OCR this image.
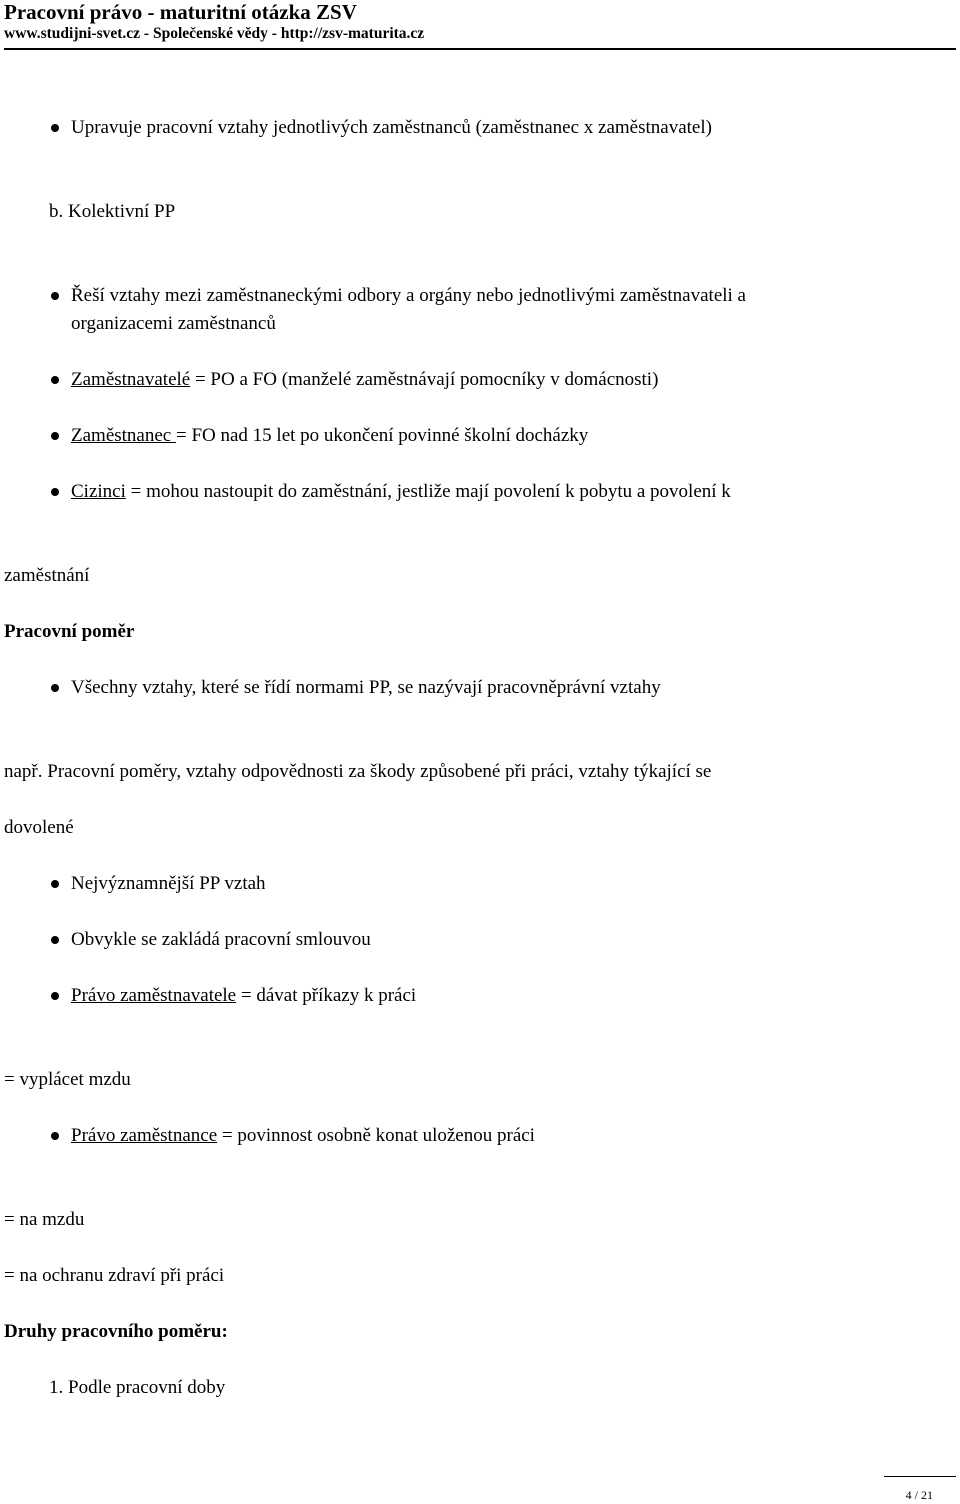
Pracovní právo - maturitní otázka ZSV
www.studijni-svet.cz - Společenské vědy - http://zsv-maturita.cz
Upravuje pracovní vztahy jednotlivých zaměstnanců (zaměstnanec x zaměstnavatel)
b. Kolektivní PP
Řeší vztahy mezi zaměstnaneckými odbory a orgány nebo jednotlivými zaměstnavateli a
organizacemi zaměstnanců
Zaměstnavatelé = PO a FO (manželé zaměstnávají pomocníky v domácnosti)
Zaměstnanec = FO nad 15 let po ukončení povinné školní docházky
Cizinci = mohou nastoupit do zaměstnání, jestliže mají povolení k pobytu a povolení k
zaměstnání
Pracovní poměr
Všechny vztahy, které se řídí normami PP, se nazývají pracovněprávní vztahy
např. Pracovní poměry, vztahy odpovědnosti za škody způsobené při práci, vztahy týkající se
dovolené
Nejvýznamnější PP vztah
Obvykle se zakládá pracovní smlouvou
Právo zaměstnavatele = dávat příkazy k práci
= vyplácet mzdu
Právo zaměstnance = povinnost osobně konat uloženou práci
= na mzdu
= na ochranu zdraví při práci
Druhy pracovního poměru:
1. Podle pracovní doby
4 / 21
